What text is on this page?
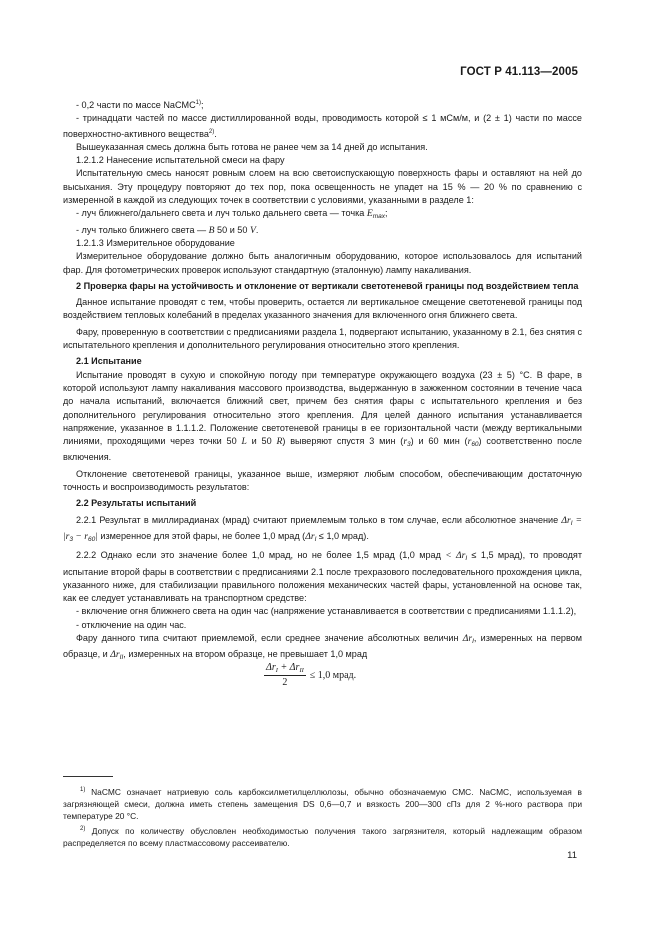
ГОСТ Р 41.113—2005

- 0,2 части по массе NaCMC$^{1)}$;

- тринадцати частей по массе дистиллированной воды, проводимость которой ≤ 1 мСм/м, и (2 ± 1) части по массе поверхностно-активного вещества$^{2)}$.

Вышеуказанная смесь должна быть готова не ранее чем за 14 дней до испытания.

1.2.1.2 Нанесение испытательной смеси на фару

Испытательную смесь наносят ровным слоем на всю светоиспускающую поверхность фары и оставляют на ней до высыхания. Эту процедуру повторяют до тех пор, пока освещенность не упадет на 15 % — 20 % по сравнению с измеренной в каждой из следующих точек в соответствии с условиями, указанными в разделе 1:

- луч ближнего/дальнего света и луч только дальнего света — точка $E_{max}$;

- луч только ближнего света — B 50 и 50 V.

1.2.1.3 Измерительное оборудование

Измерительное оборудование должно быть аналогичным оборудованию, которое использовалось для испытаний фар. Для фотометрических проверок используют стандартную (эталонную) лампу накаливания.

2 Проверка фары на устойчивость и отклонение от вертикали светотеневой границы под воздействием тепла

Данное испытание проводят с тем, чтобы проверить, остается ли вертикальное смещение светотеневой границы под воздействием тепловых колебаний в пределах указанного значения для включенного огня ближнего света.

Фару, проверенную в соответствии с предписаниями раздела 1, подвергают испытанию, указанному в 2.1, без снятия с испытательного крепления и дополнительного регулирования относительно этого крепления.

2.1 Испытание

Испытание проводят в сухую и спокойную погоду при температуре окружающего воздуха (23 ± 5) °С. В фаре, в которой используют лампу накаливания массового производства, выдержанную в зажженном состоянии в течение часа до начала испытаний, включается ближний свет, причем без снятия фары с испытательного крепления и без дополнительного регулирования относительно этого крепления. Для целей данного испытания устанавливается напряжение, указанное в 1.1.1.2. Положение светотеневой границы в ее горизонтальной части (между вертикальными линиями, проходящими через точки 50 L и 50 R) выверяют спустя 3 мин $(r_3)$ и 60 мин $(r_{60})$ соответственно после включения.

Отклонение светотеневой границы, указанное выше, измеряют любым способом, обеспечивающим достаточную точность и воспроизводимость результатов:

2.2 Результаты испытаний

2.2.1 Результат в миллирадианах (мрад) считают приемлемым только в том случае, если абсолютное значение $\Delta r_I = |r_3 - r_{60}|$ измеренное для этой фары, не более 1,0 мрад ($\Delta r_I \le 1,0$ мрад).

2.2.2 Однако если это значение более 1,0 мрад, но не более 1,5 мрад (1,0 мрад < $\Delta r_I \le 1,5$ мрад), то проводят испытание второй фары в соответствии с предписаниями 2.1 после трехразового последовательного прохождения цикла, указанного ниже, для стабилизации правильного положения механических частей фары, установленной на основе так, как ее следует устанавливать на транспортном средстве:

- включение огня ближнего света на один час (напряжение устанавливается в соответствии с предписаниями 1.1.1.2),

- отключение на один час.

Фару данного типа считают приемлемой, если среднее значение абсолютных величин $\Delta r_I$, измеренных на первом образце, и $\Delta r_{II}$, измеренных на втором образце, не превышает 1,0 мрад

$\frac{\Delta r_I + \Delta r_{II}}{2} \le 1,0$ мрад.

$^{1)}$ NaCMC означает натриевую соль карбоксилметилцеллюлозы, обычно обозначаемую CMC. NaCMC, используемая в загрязняющей смеси, должна иметь степень замещения DS 0,6—0,7 и вязкость 200—300 сПз для 2 %-ного раствора при температуре 20 °С.

$^{2)}$ Допуск по количеству обусловлен необходимостью получения такого загрязнителя, который надлежащим образом распределяется по всему пластмассовому рассеивателю.

11
